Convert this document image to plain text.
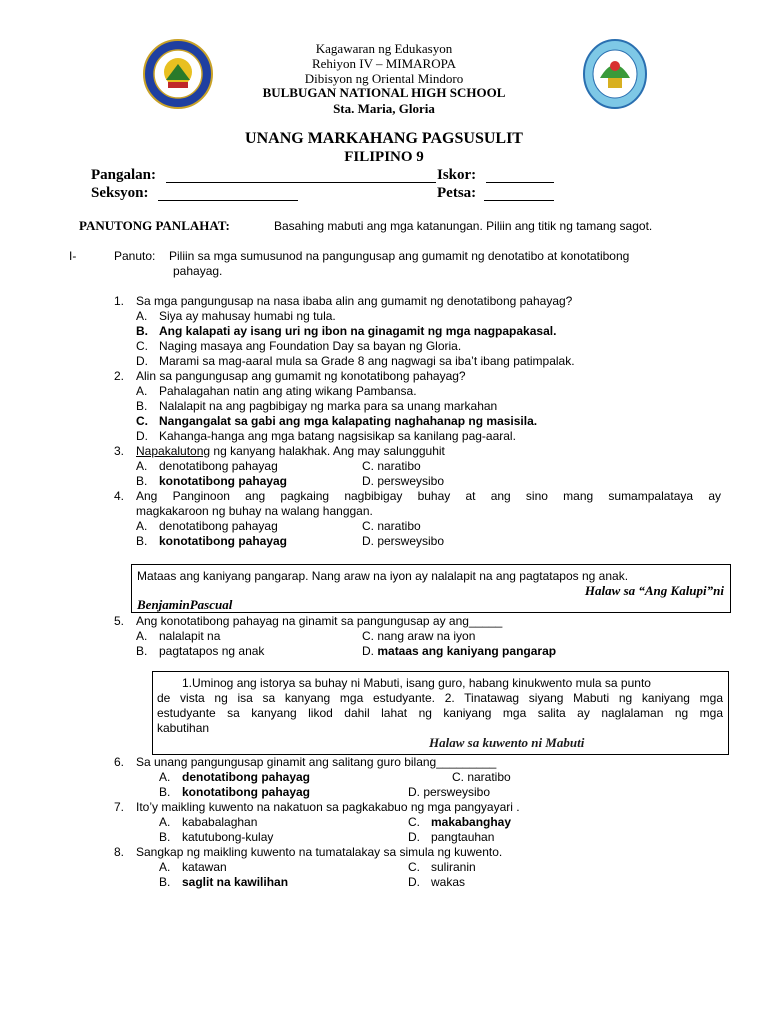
Kagawaran ng Edukasyon
Rehiyon IV – MIMAROPA
Dibisyon ng Oriental Mindoro
BULBUGAN NATIONAL HIGH SCHOOL
Sta. Maria, Gloria
UNANG MARKAHANG PAGSUSULIT
FILIPINO 9
Pangalan:	Iskor:
Seksyon:	Petsa:
PANUTONG PANLAHAT:	Basahing mabuti ang mga katanungan. Piliin ang titik ng tamang sagot.
I-	Panuto: Piliin sa mga sumusunod na pangungusap ang gumamit ng denotatibo at konotatibong
pahayag.
1. Sa mga pangungusap na nasa ibaba alin ang gumamit ng denotatibong pahayag?
A. Siya ay mahusay humabi ng tula.
B. Ang kalapati ay isang uri ng ibon na ginagamit ng mga nagpapakasal.
C. Naging masaya ang Foundation Day sa bayan ng Gloria.
D. Marami sa mag-aaral mula sa Grade 8 ang nagwagi sa iba’t ibang patimpalak.
2. Alin sa pangungusap ang gumamit ng konotatibong pahayag?
A. Pahalagahan natin ang ating wikang Pambansa.
B. Nalalapit na ang pagbibigay ng marka para sa unang markahan
C. Nangangalat sa gabi ang mga kalapating naghahanap ng masisila.
D. Kahanga-hanga ang mga batang nagsisikap sa kanilang pag-aaral.
3. Napakalutong ng kanyang halakhak. Ang may salungguhit
A. denotatibong pahayag	C. naratibo
B. konotatibong pahayag	D. persweysibo
4. Ang Panginoon ang pagkaing nagbibigay buhay at ang sino mang sumampalataya ay
magkakaroon ng buhay na walang hanggan.
A. denotatibong pahayag	C. naratibo
B. konotatibong pahayag	D. persweysibo
Mataas ang kaniyang pangarap. Nang araw na iyon ay nalalapit na ang pagtatapos ng anak.
Halaw sa “Ang Kalupi”ni
BenjaminPascual
5. Ang konotatibong pahayag na ginamit sa pangungusap ay ang_____
A. nalalapit na	C. nang araw na iyon
B. pagtatapos ng anak	D. mataas ang kaniyang pangarap
1.Uminog ang istorya sa buhay ni Mabuti, isang guro, habang kinukwento mula sa punto
de vista ng isa sa kanyang mga estudyante. 2. Tinatawag siyang Mabuti ng kaniyang mga
estudyante sa kanyang likod dahil lahat ng kaniyang mga salita ay naglalaman ng mga
kabutihan
Halaw sa kuwento ni Mabuti
6. Sa unang pangungusap ginamit ang salitang guro bilang_________
A. denotatibong pahayag	C. naratibo
B. konotatibong pahayag	D. persweysibo
7. Ito’y maikling kuwento na nakatuon sa pagkakabuo ng mga pangyayari .
A. kababalaghan	C. makabanghay
B. katutubong-kulay	D. pangtauhan
8. Sangkap ng maikling kuwento na tumatalakay sa simula ng kuwento.
A. katawan	C. suliranin
B. saglit na kawilihan	D. wakas
